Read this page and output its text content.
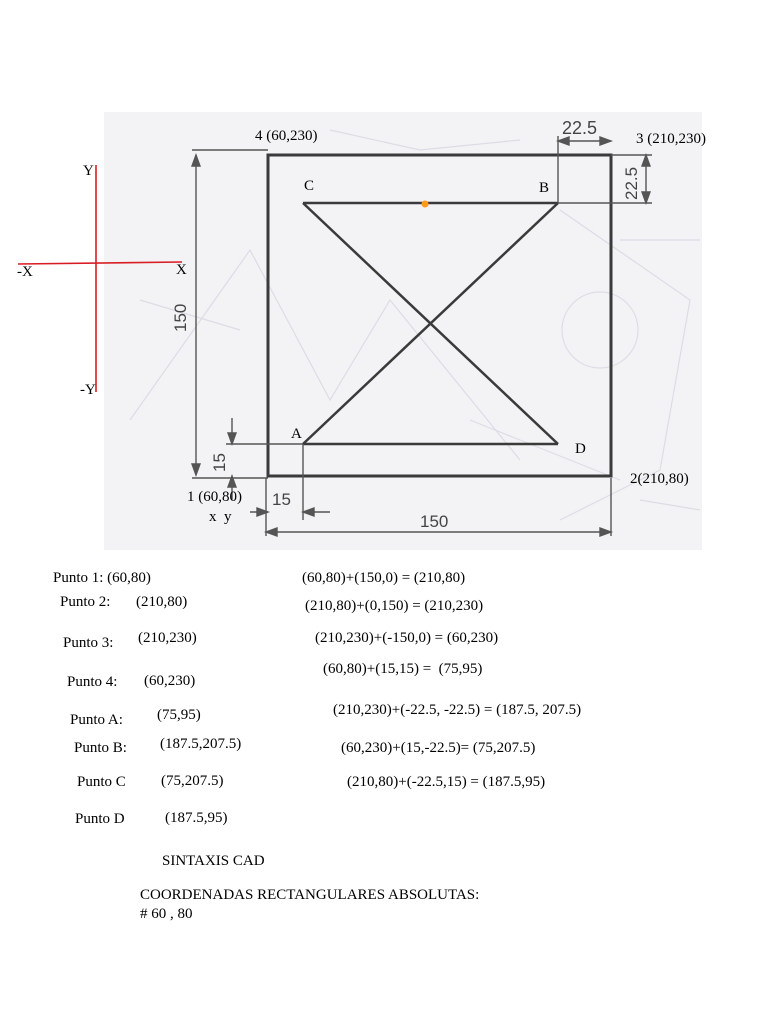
150
150
15
15
22.5
22.5
4 (60,230)	3 (210,230)
2(210,80)
1 (60,80)
x  y
C	B
A
D
Y
-Y
X
-X
Punto 1: (60,80)
Punto 2: (210,80)
Punto 3: (210,230)
Punto 4: (60,230)
Punto A: (75,95)
Punto B: (187.5,207.5)
Punto C (75,207.5)
Punto D	(187.5,95)
(60,80)+(150,0) = (210,80)
(210,80)+(0,150) = (210,230)
(210,230)+(-150,0) = (60,230)
(60,80)+(15,15) =  (75,95)
(210,230)+(-22.5, -22.5) = (187.5, 207.5)
(60,230)+(15,-22.5)= (75,207.5)
(210,80)+(-22.5,15) = (187.5,95)
SINTAXIS CAD
COORDENADAS RECTANGULARES ABSOLUTAS:
# 60 , 80
